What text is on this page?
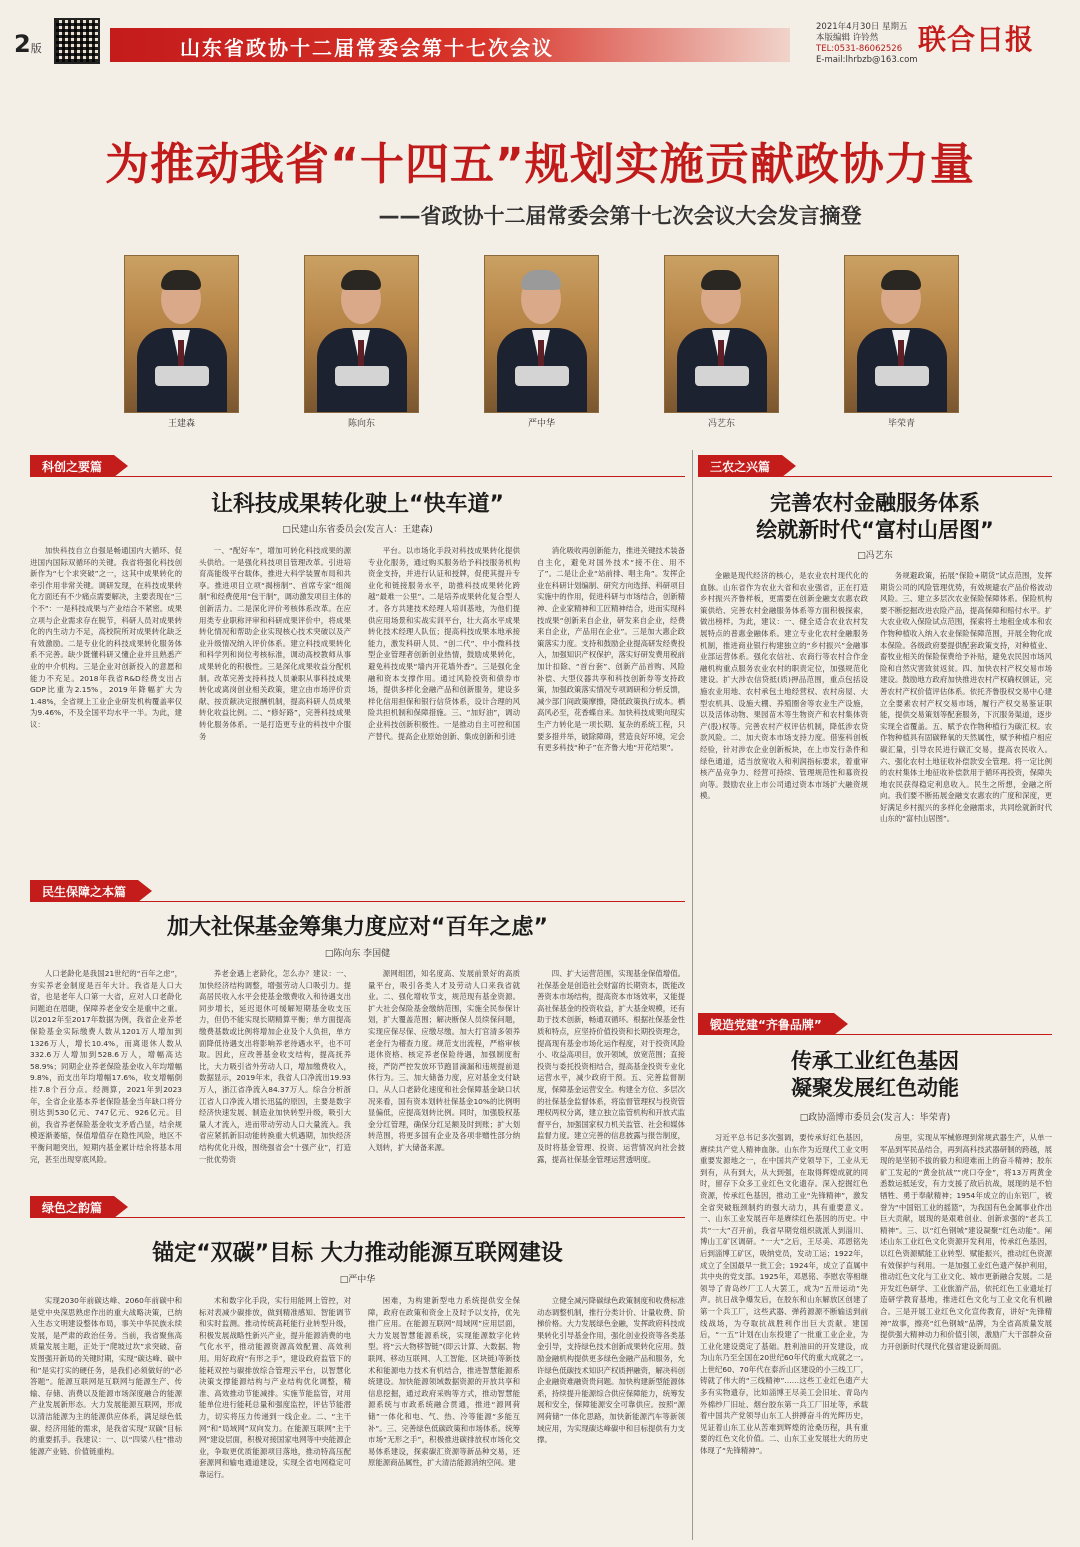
2版	山东省政协十二届常委会第十七次会议
2021年4月30日 星期五
本版编辑 许铃然
TEL:0531-86062526
E-mail:lhrbzb@163.com
联合日报
为推动我省“十四五”规划实施贡献政协力量
——省政协十二届常委会第十七次会议大会发言摘登
王建森	陈向东	严中华	冯艺东	毕荣青
科创之要篇
让科技成果转化驶上“快车道”
□民建山东省委员会(发言人：王建森)

加快科技自立自强是畅通国内大循环、促进国内国际双循环的关键。我省将强化科技创新作为“七个求突破”之一，这其中成果转化的牵引作用非常关键。调研发现，在科技成果转化方面还有不少痛点需要解决，主要表现在“三个不”：一是科技成果与产业结合不紧密。成果立项与企业需求存在脱节，科研人员对成果转化的内生动力不足，高校院所对成果转化缺乏有效激励。二是专业化的科技成果转化服务体系不完善。缺少既懂科研又懂企业并且熟悉产业的中介机构。三是企业对创新投入的意愿和能力不充足。2018年我省R&D经费支出占GDP比重为2.15%，2019年降幅扩大为1.48%，全省规上工业企业研发机构覆盖率仅为9.46%，不及全国平均水平一半。为此，建议：

一、“配好车”，增加可转化科技成果的源头供给。一是强化科技项目管理改革。引进培育高能级平台载体，推进大科学装置布局和共享。推进项目立项“揭榜制”、首席专家“组阁制”和经费使用“包干制”，调动激发项目主体的创新活力。二是深化评价考核体系改革。在应用类专业职称评审和科研成果评价中，将成果转化情况和帮助企业实现核心技术突破以及产业升级情况纳入评价体系。建立科技成果转化和科学列和岗位考核标准，调动高校教师从事成果转化的积极性。三是深化成果收益分配机制。改革完善支持科技人员兼职从事科技成果转化或离岗创业相关政策，建立由市场评价贡献、按贡献决定报酬机制，提高科研人员成果转化收益比例。二、“修好路”，完善科技成果转化服务体系。一是打造更专业的科技中介服务

平台。以市场化手段对科技成果转化提供专业化服务，通过购买服务给予科技服务机构资金支持，并进行认证和授牌，促使其提升专业化和链接服务水平，助推科技成果转化跨越“最难一公里”。二是培养成果转化复合型人才。各方共建技术经理人培训基地，为他们提供应用场景和实战实训平台，壮大高水平成果转化技术经理人队伍；提高科技成果本地承接能力，激发科研人员、“创二代”、中小微科技型企业管理者创新创业热情，鼓励成果转化，避免科技成果“墙内开花墙外香”。三是强化金融和资本支撑作用。通过风险投资和债券市场，提供多样化金融产品和创新服务，建设多样化信用担保和银行信贷体系，设计合理的风险共担机制和保障措施。三、“加好油”，调动企业科技创新积极性。一是推动自主可控和国产替代。提高企业原始创新、集成创新和引进

消化吸收再创新能力，推进关键技术装备自主化，避免对国外技术“接不住、用不了”。二是让企业“站前排、唱主角”。发挥企业在科研计划编制、研究方向选择、科研项目实施中的作用，促进科研与市场结合，创新精神、企业家精神和工匠精神结合，进而实现科技成果“创新来自企业，研发来自企业，经费来自企业，产品用在企业”。三是加大惠企政策落实力度。支持和鼓励企业提高研发经费投入，加强知识产权保护，落实好研发费用税前加计扣除、“首台套”、创新产品首购、风险补偿、大型仪器共享和科技创新券等支持政策，加强政策落实情况专项调研和分析反馈，减少部门间政策摩擦，降低政策执行成本。栖高风必至，花香蝶自来。加快科技成果向现实生产力转化是一项长期、复杂的系统工程，只要多措并举，破除障碍，营造良好环境，定会有更多科技“种子”在齐鲁大地“开花结果”。

民生保障之本篇
加大社保基金筹集力度应对“百年之虑”
□陈向东 李国健

人口老龄化是我国21世纪的“百年之虑”，夯实养老金制度是百年大计。我省是人口大省，也是老年人口第一大省，应对人口老龄化问题迫在眉睫，保障养老金安全是重中之重。以2012年至2017年数据为例，我省企业养老保险基金实际缴费人数从1201万人增加到1326万人，增长10.4%，而离退休人数从332.6万人增加到528.6万人，增幅高达58.9%；同期企业养老保险基金收入年均增幅9.8%，而支出年均增幅17.6%，收支增幅倒挂7.8个百分点。经测算，2021年到2023年，全省企业基本养老保险基金当年缺口将分别达到530亿元、747亿元、926亿元。目前，我省养老保险基金收支矛盾凸显，结余规模逐渐萎缩，保值增值存在隐性风险，地区不平衡问题突出，短期内基金累计结余将基本用完，甚至出现穿底风险。

养老金遇上老龄化，怎么办？建议：一、加快经济结构调整，增强劳动人口吸引力。提高居民收入水平会使基金缴费收入和待遇支出同步增长，延迟退休可缓解短期基金收支压力，但仍不能实现长期精算平衡；单方面提高缴费基数或比例将增加企业及个人负担，单方面降低待遇支出将影响养老待遇水平，也不可取。因此，应改善基金收支结构，提高抚养比，大力吸引省外劳动人口，增加缴费收入，数据显示，2019年末，我省人口净流出19.93万人，浙江省净流入84.37万人。综合分析浙江省人口净流入增长迅猛的原因，主要是数字经济快速发展、制造业加快转型升级，吸引大量人才流入，进而带动劳动人口大量流入。我省应紧抓新旧动能转换重大机遇期，加快经济结构优化升级，围绕强省会“十强产业”，打造一批优势资

源网组团，知名度高、发展前景好的高质量平台，吸引各类人才及劳动人口来我省就业。二、强化增收节支，规范现有基金资源。扩大社会保险基金缴纳范围，实施全民参保计划，扩大覆盖范围；解决断保人员续保问题，实现应保尽保、应缴尽缴。加大打官清多领养老金行为稽查力度。规范支出流程，严格审核退休资格、核定养老保险待遇，加强制度衔接，严防严控发放环节跑冒滴漏和违规提前退休行为。三、加大储备力度，应对基金支付缺口。从人口老龄化速度和社会保障基金缺口状况来看，国有资本划转社保基金10%的比例明显偏低，应提高划转比例。同时，加强股权基金分红管理，确保分红足额及时到账；扩大划转范围，将更多国有企业及各项非赠性部分纳入划转，扩大储备来源。

四、扩大运营范围，实现基金保值增值。社保基金是创造社会财富的长期资本，既能改善资本市场结构，提高资本市场效率，又能提高社保基金的投资收益，扩大基金规模，还有助于技术创新，畅通双循环。根据社保基金性质和特点，应坚持价值投资和长期投资理念，提高现有基金市场化运作程度，对于投资风险小、收益高项目，放开领域，放宽范围；直接投资与委托投资相结合，提高基金投资专业化运营水平，减少政府干预。五、完善监督制度，保障基金运营安全。构建全方位、多层次的社保基金监督体系，将监督管理权与投资管理权两权分离，建立独立监管机构和开放式监督平台，加强国家权力机关监管、社会和媒体监督力度。建立完善的信息披露与报告制度，及时将基金管理、投资、运营情况向社会披露，提高社保基金管理运营透明度。

绿色之韵篇
锚定“双碳”目标 大力推动能源互联网建设
□严中华

实现2030年前碳达峰、2060年前碳中和是党中央深思熟虑作出的重大战略决策，已纳入生态文明建设整体布局，事关中华民族永续发展，是严肃的政治任务。当前，我省聚焦高质量发展主题，正处于“爬坡过坎”求突破、奋发图强开新局的关键时期，实现“碳达峰、碳中和”是实打实的硬任务，是我们必须做好的“必答题”。能源互联网是互联网与能源生产、传输、存储、消费以及能源市场深度融合的能源产业发展新形态。大力发展能源互联网，形成以清洁能源为主的能源供应体系，满足绿色低碳、经济用能的需求，是我省实现“双碳”目标的重要抓手。我建议：一、以“四梁八柱”推动能源产业链、价值链重构。

术和数字化手段，实行用能网上管控，对标对表减少碳排放，做到精准感知、智能调节和实时监测。推动传统高耗能行业转型升级，积极发展战略性新兴产业，提升能源消费的电气化水平，推动能源资源高效配置、高效利用。用好政府“有形之手”，建设政府监管下的能耗双控与碳排放综合管理云平台，以智慧化决策支撑能源结构与产业结构优化调整，精准、高效推动节能减排。实施节能监管，对用能单位进行能耗总量和强度监控，评估节能潜力，切实将压力传递到一线企业。二、“主干网”和“局域网”双向发力。在能源互联网“主干网”建设层面，积极对接国家电网等中央能源企业，争取更优质能源项目落地，推动特高压配套源网和输电通道建设，实现全省电网稳定可靠运行。

困难，为构建新型电力系统提供安全保障，政府在政策和资金上及时予以支持，优先推广应用。在能源互联网“局域网”应用层面，大力发展智慧能源系统，实现能源数字化转型。将“云大物移智链”(即云计算、大数据、物联网、移动互联网、人工智能、区块链)等新技术和能源电力技术有机结合，推进智慧能源系统建设。加快能源领域数据资源的开放共享和信息挖掘，通过政府采购等方式，推动智慧能源系统与市政系统融合贯通，推进“源网荷储”一体化和电、气、热、冷等能源“多能互补”。三、完善绿色低碳政策和市场体系。统筹市场“无形之手”，积极推进碳排放权市场化交易体系建设，探索碳汇资源等新品种交易，还原能源商品属性，扩大清洁能源消纳空间。建

立健全减污降碳绿色政策制度和收费标准动态调整机制，推行分类计价、计量收费、阶梯价格。大力发展绿色金融，发挥政府科技成果转化引导基金作用，强化创业投资等各类基金引导，支持绿色技术创新成果转化应用。鼓励金融机构提供更多绿色金融产品和服务，允许绿色低碳技术知识产权质押融资，解决科创企业融资难融资贵问题。加快构建新型能源体系，持续提升能源综合供应保障能力，统筹发展和安全，保障能源安全可靠供应。按照“源网荷储”一体化思路，加快新能源汽车等新领域应用，为实现碳达峰碳中和目标提供有力支撑。

三农之兴篇
完善农村金融服务体系
绘就新时代“富村山居图”
□冯艺东

金融是现代经济的核心，是农业农村现代化的血脉。山东省作为农业大省和农业强省，正在打造乡村振兴齐鲁样板，更需要在创新金融支农惠农政策供给、完善农村金融服务体系等方面积极探索，做出榜样。为此，建议：一、健全适合农业农村发展特点的普惠金融体系。建立专业化农村金融服务机制，推进商业银行构建独立的“乡村振兴”金融事业部运营体系。强化农信社、农商行等农村合作金融机构重点服务农业农村的职责定位，加强规范化建设。扩大涉农信贷抵(质)押品范围，重点包括设施农业用地、农村承包土地经营权、农村房屋、大型农机具、设施大棚、养殖圈舍等农业生产设施，以及活体动物、果园苗木等生物资产和农村集体资产(股)权等。完善农村产权评估机制，降低涉农贷款风险。二、加大资本市场支持力度。借鉴科创板经验，针对涉农企业创新板块，在上市发行条件和绿色通道，适当放宽收入和利润指标要求，着重审核产品竞争力、经营可持续、管理规范性和募资投向等。鼓励农业上市公司通过资本市场扩大融资规模。

务规避政策，拓展“保险+期货”试点范围，发挥期货公司的风险管理优势，有效规避农产品价格波动风险。三、建立多层次农业保险保障体系。保险机构要不断挖掘改进农险产品，提高保障和赔付水平。扩大农业收入保险试点范围，探索将土地租金成本和农作物种植收入纳入农业保险保障范围，开展全物化成本保险。各级政府要提供配套政策支持，对种植业、畜牧业相关的保险保费给予补贴，避免农民因市场风险和自然灾害致贫返贫。四、加快农村产权交易市场建设。鼓励地方政府加快推进农村产权确权颁证，完善农村产权价值评估体系。依托齐鲁股权交易中心建立全要素农村产权交易市场，履行产权交易鉴证职能，提供交易策划等配套服务，下沉服务渠道，逐步实现全省覆盖。五、赋予农作物种植行为碳汇权。农作物种植具有固碳释氧的天然属性，赋予种植户相应碳汇量，引导农民进行碳汇交易，提高农民收入。六、强化农村土地征收补偿款安全管理。将一定比例的农村集体土地征收补偿款用于循环再投资，保障失地农民获得稳定利息收入。民生之所想，金融之所向。我们要不断拓展金融支农惠农的广度和深度，更好满足乡村振兴的多样化金融需求，共同绘就新时代山东的“富村山居图”。

锻造党建“齐鲁品牌”
传承工业红色基因
凝聚发展红色动能
□政协淄博市委员会(发言人：毕荣青)

习近平总书记多次强调，要传承好红色基因，赓续共产党人精神血脉。山东作为近现代工业文明重要发源地之一，在中国共产党领导下，工业从无到有，从有到大，从大到强，在取得辉煌成就的同时，留存下众多工业红色文化遗存。深入挖掘红色资源，传承红色基因，推动工业“先锋精神”，激发全省突破瓶颈制约的强大动力，具有重要意义。一、山东工业发展百年是赓续红色基因的历史。中共“一大”召开前，我省早期党组织就派人到淄川、博山工矿区调研。“一大”之后，王尽美、邓恩铭先后到淄博工矿区，吸纳党员，发动工运；1922年，成立了全国最早一批工会；1924年，成立了直属中共中央的党支部。1925年，邓恩铭、李慰农等相继领导了青岛纱厂工人大罢工，成为“五卅运动”先声。抗日战争爆发后，在胶东和山东解放区创建了第一个兵工厂，这些武器、弹药源源不断输送到前线战场，为夺取抗战胜利作出巨大贡献。建国后，“一五”计划在山东投建了一批重工业企业，为工业化建设奠定了基础。胜利油田的开发建设，成为山东乃至全国在20世纪60年代的重大成就之一。上世纪60、70年代在泰沂山区建设的小三线工厂，铸就了伟大的“三线精神”……这些工业红色遗产大多有实物遗存，比如淄博王尽美工会旧址、青岛内外棉纱厂旧址、烟台胶东第一兵工厂旧址等，承载着中国共产党领导山东工人拼搏奋斗的光辉历史，见证着山东工业从苦难到辉煌的沧桑历程，具有重要的红色文化价值。二、山东工业发展壮大的历史体现了“先锋精神”。

房里，实现从军械修理到常规武器生产，从单一军品到军民品结合，再到高科技武器研制的跨越，展现的是坚韧不拔的毅力和迎难而上的奋斗精神；胶东矿工发起的“黄金抗战”“虎口夺金”，将13万两黄金悉数运抵延安，有力支援了敌后抗战，展现的是不怕牺牲、勇于奉献精神；1954年成立的山东铝厂，被誉为“中国铝工业的摇篮”，为我国有色金属事业作出巨大贡献，展现的是艰难创业、创新求强的“老兵工精神”。三、以“红色钢城”建设凝聚“红色动能”。阐述山东工业红色文化资源开发利用，传承红色基因，以红色资源赋能工业转型、赋能振兴，推动红色资源有效保护与利用。一是加强工业红色遗产保护利用，推动红色文化与工业文化、城市更新融合发展。二是开发红色研学、工业旅游产品，依托红色工业遗址打造研学教育基地，推进红色文化与工业文化有机融合。三是开展工业红色文化宣传教育，讲好“先锋精神”故事，擦亮“红色钢城”品牌，为全省高质量发展提供强大精神动力和价值引领，激励广大干部群众奋力开创新时代现代化强省建设新局面。
